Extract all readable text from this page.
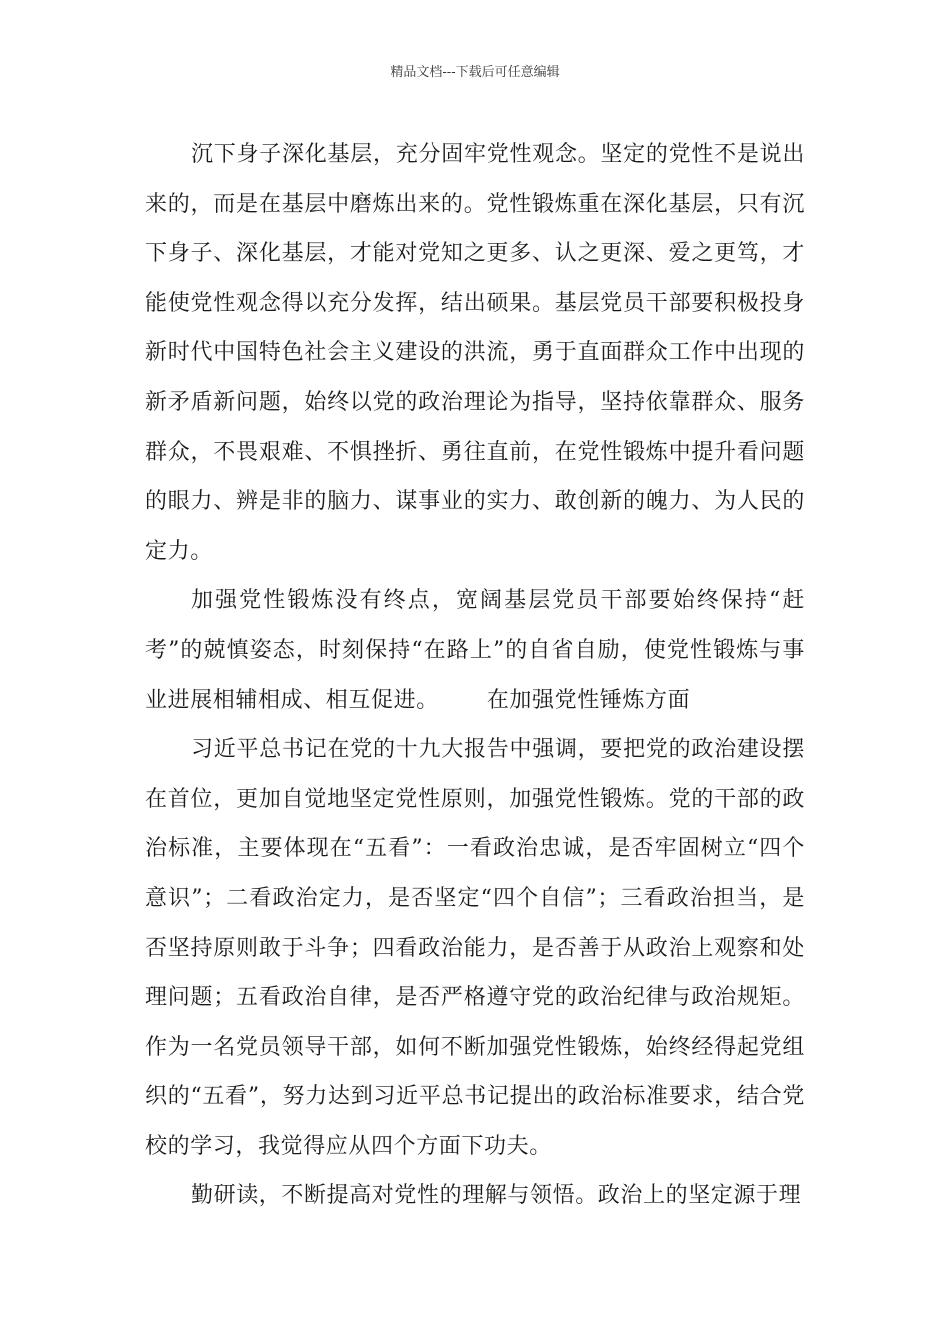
精品文档---下载后可任意编辑

沉下身子深化基层，充分固牢党性观念。坚定的党性不是说出来的，而是在基层中磨炼出来的。党性锻炼重在深化基层，只有沉下身子、深化基层，才能对党知之更多、认之更深、爱之更笃，才能使党性观念得以充分发挥，结出硕果。基层党员干部要积极投身新时代中国特色社会主义建设的洪流，勇于直面群众工作中出现的新矛盾新问题，始终以党的政治理论为指导，坚持依靠群众、服务群众，不畏艰难、不惧挫折、勇往直前，在党性锻炼中提升看问题的眼力、辨是非的脑力、谋事业的实力、敢创新的魄力、为人民的定力。

加强党性锻炼没有终点，宽阔基层党员干部要始终保持“赶考”的兢慎姿态，时刻保持“在路上”的自省自励，使党性锻炼与事业进展相辅相成、相互促进。 在加强党性锤炼方面

习近平总书记在党的十九大报告中强调，要把党的政治建设摆在首位，更加自觉地坚定党性原则，加强党性锻炼。党的干部的政治标准，主要体现在“五看”：一看政治忠诚，是否牢固树立“四个意识”；二看政治定力，是否坚定“四个自信”；三看政治担当，是否坚持原则敢于斗争；四看政治能力，是否善于从政治上观察和处理问题；五看政治自律，是否严格遵守党的政治纪律与政治规矩。作为一名党员领导干部，如何不断加强党性锻炼，始终经得起党组织的“五看”，努力达到习近平总书记提出的政治标准要求，结合党校的学习，我觉得应从四个方面下功夫。

勤研读，不断提高对党性的理解与领悟。政治上的坚定源于理
